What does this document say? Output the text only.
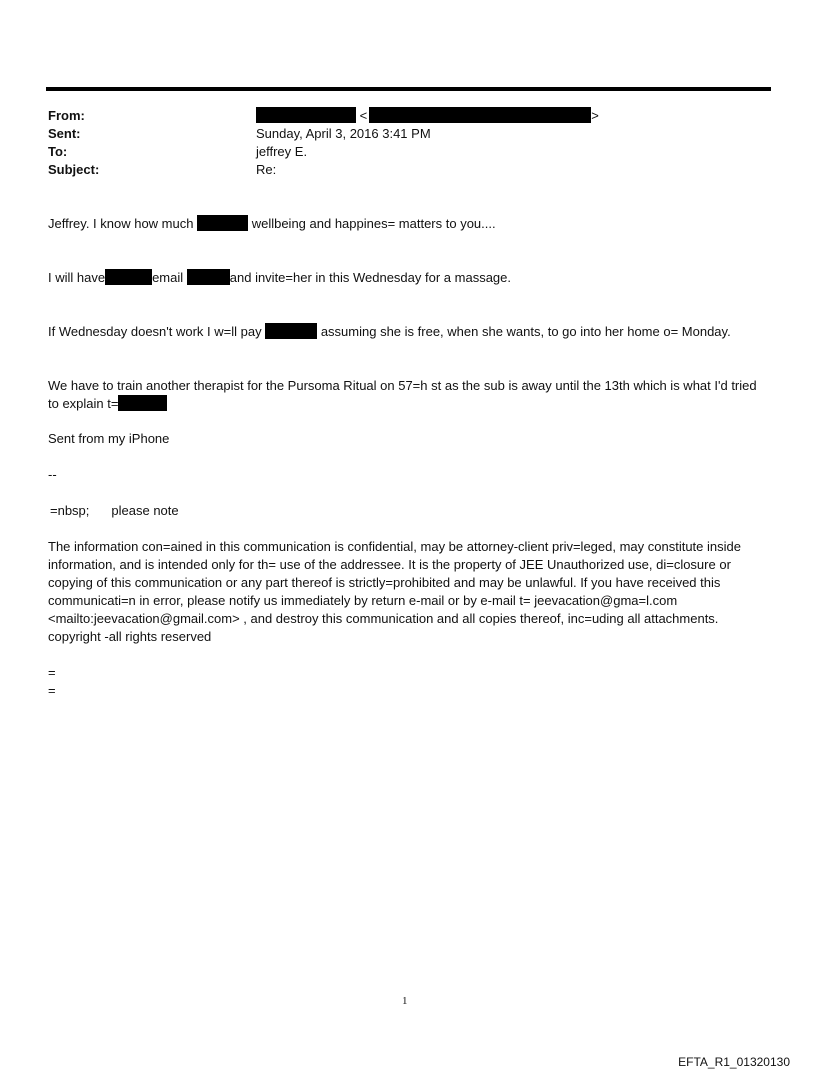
From:	<	>
Sent:	Sunday, April 3, 2016 3:41 PM
To:	jeffrey E.
Subject:	Re:
Jeffrey. I know how much	wellbeing and happines= matters to you....
I will have	email	and invite=her in this Wednesday for a massage.
If Wednesday doesn't work I w=ll pay	assuming she is free, when she wants, to go into her home o= Monday.
We have to train another therapist for the Pursoma Ritual on 57=h st as the sub is away until the 13th which is what I'd tried to explain t=
Sent from my iPhone
--
=nbsp; please note
The information con=ained in this communication is confidential, may be attorney-client priv=leged, may constitute inside information, and is intended only for th= use of the addressee. It is the property of JEE Unauthorized use, di=closure or copying of this communication or any part thereof is strictly=prohibited and may be unlawful. If you have received this communicati=n in error, please notify us immediately by return e-mail or by e-mail t= jeevacation@gma=l.com <mailto:jeevacation@gmail.com> , and destroy this communication and all copies thereof, inc=uding all attachments. copyright -all rights reserved
=
=
1
EFTA_R1_01320130
